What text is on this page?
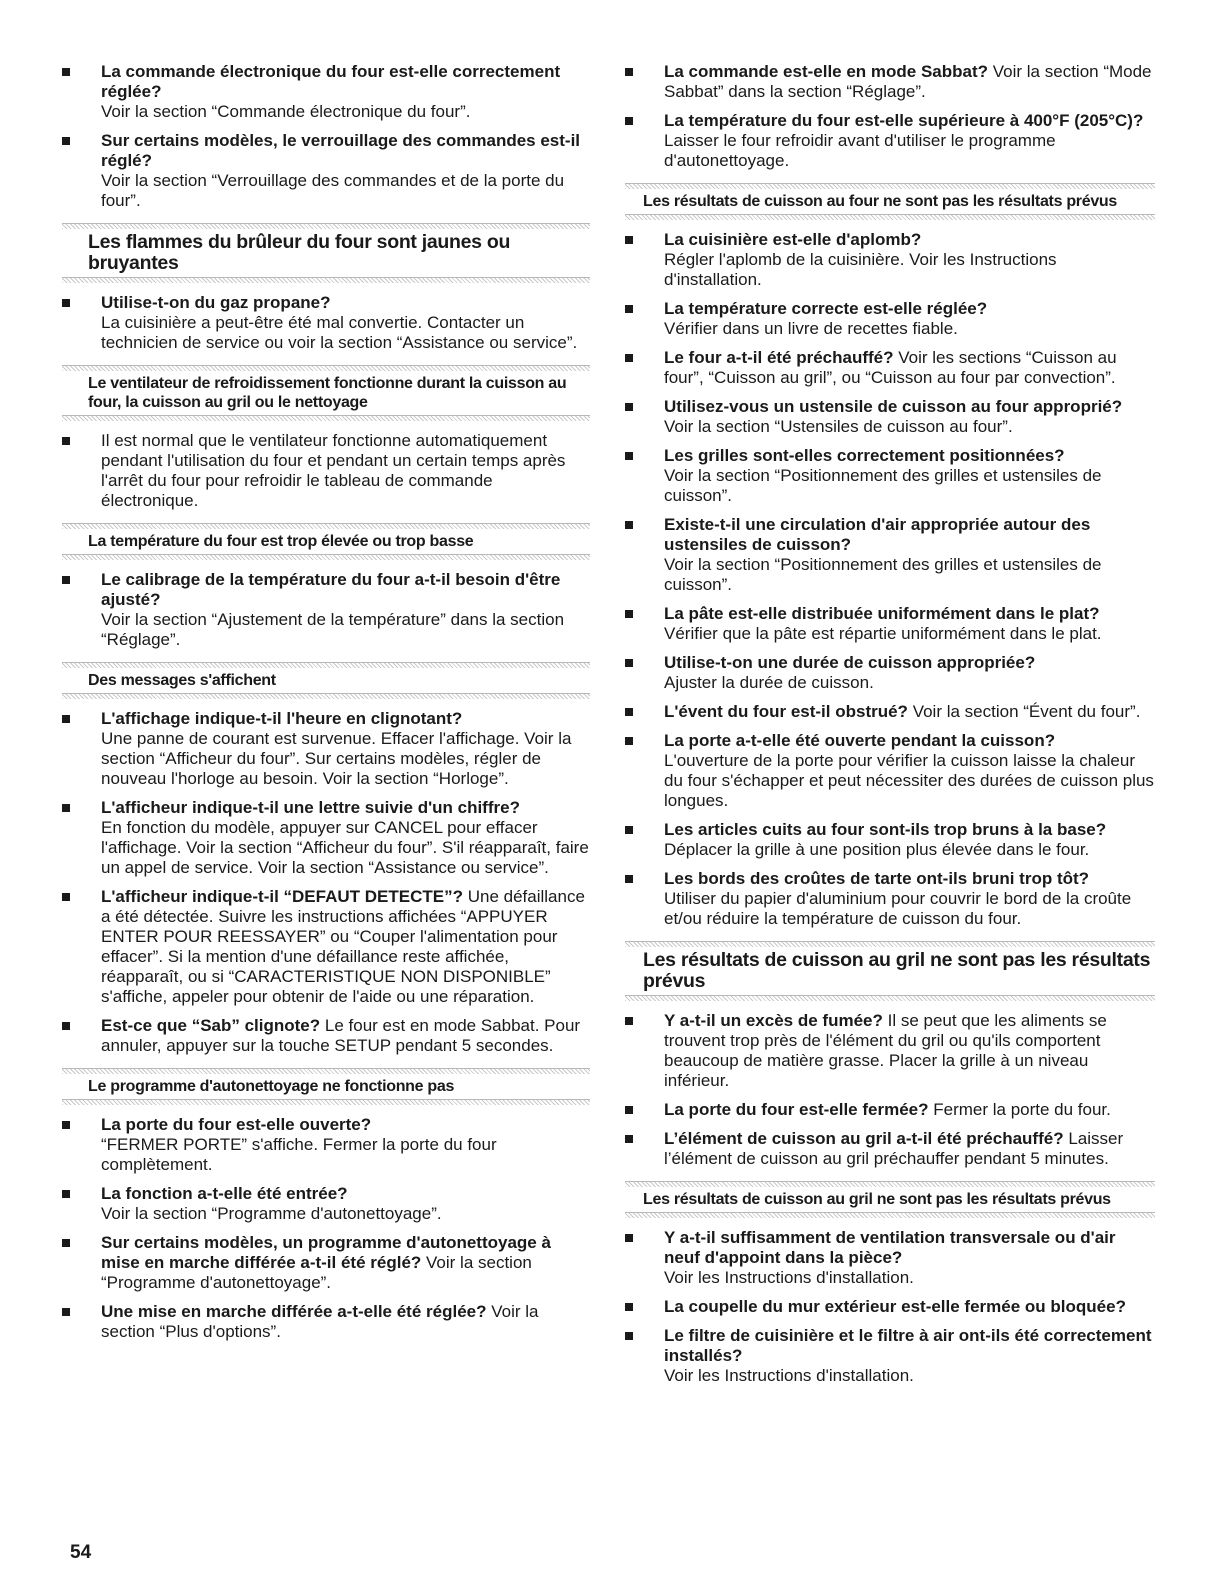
La commande électronique du four est-elle correctement réglée?
Voir la section “Commande électronique du four”.
Sur certains modèles, le verrouillage des commandes est-il réglé?
Voir la section “Verrouillage des commandes et de la porte du four”.
Les flammes du brûleur du four sont jaunes ou bruyantes
Utilise-t-on du gaz propane?
La cuisinière a peut-être été mal convertie. Contacter un technicien de service ou voir la section “Assistance ou service”.
Le ventilateur de refroidissement fonctionne durant la cuisson au four, la cuisson au gril ou le nettoyage
Il est normal que le ventilateur fonctionne automatiquement pendant l'utilisation du four et pendant un certain temps après l'arrêt du four pour refroidir le tableau de commande électronique.
La température du four est trop élevée ou trop basse
Le calibrage de la température du four a-t-il besoin d'être ajusté?
Voir la section “Ajustement de la température” dans la section “Réglage”.
Des messages s'affichent
L'affichage indique-t-il l'heure en clignotant?
Une panne de courant est survenue. Effacer l'affichage. Voir la section “Afficheur du four”. Sur certains modèles, régler de nouveau l'horloge au besoin. Voir la section “Horloge”.
L'afficheur indique-t-il une lettre suivie d'un chiffre?
En fonction du modèle, appuyer sur CANCEL pour effacer l'affichage. Voir la section “Afficheur du four”. S'il réapparaît, faire un appel de service. Voir la section “Assistance ou service”.
L'afficheur indique-t-il “DEFAUT DETECTE”? Une défaillance a été détectée. Suivre les instructions affichées “APPUYER ENTER POUR REESSAYER” ou “Couper l'alimentation pour effacer”. Si la mention d'une défaillance reste affichée, réapparaît, ou si “CARACTERISTIQUE NON DISPONIBLE” s'affiche, appeler pour obtenir de l'aide ou une réparation.
Est-ce que “Sab” clignote? Le four est en mode Sabbat. Pour annuler, appuyer sur la touche SETUP pendant 5 secondes.
Le programme d'autonettoyage ne fonctionne pas
La porte du four est-elle ouverte?
“FERMER PORTE” s'affiche. Fermer la porte du four complètement.
La fonction a-t-elle été entrée?
Voir la section “Programme d'autonettoyage”.
Sur certains modèles, un programme d'autonettoyage à mise en marche différée a-t-il été réglé? Voir la section “Programme d'autonettoyage”.
Une mise en marche différée a-t-elle été réglée? Voir la section “Plus d'options”.
La commande est-elle en mode Sabbat? Voir la section “Mode Sabbat” dans la section “Réglage”.
La température du four est-elle supérieure à 400°F (205°C)?
Laisser le four refroidir avant d'utiliser le programme d'autonettoyage.
Les résultats de cuisson au four ne sont pas les résultats prévus
La cuisinière est-elle d'aplomb?
Régler l'aplomb de la cuisinière. Voir les Instructions d'installation.
La température correcte est-elle réglée?
Vérifier dans un livre de recettes fiable.
Le four a-t-il été préchauffé? Voir les sections “Cuisson au four”, “Cuisson au gril”, ou “Cuisson au four par convection”.
Utilisez-vous un ustensile de cuisson au four approprié?
Voir la section “Ustensiles de cuisson au four”.
Les grilles sont-elles correctement positionnées?
Voir la section “Positionnement des grilles et ustensiles de cuisson”.
Existe-t-il une circulation d'air appropriée autour des ustensiles de cuisson?
Voir la section “Positionnement des grilles et ustensiles de cuisson”.
La pâte est-elle distribuée uniformément dans le plat?
Vérifier que la pâte est répartie uniformément dans le plat.
Utilise-t-on une durée de cuisson appropriée?
Ajuster la durée de cuisson.
L'évent du four est-il obstrué? Voir la section “Évent du four”.
La porte a-t-elle été ouverte pendant la cuisson?
L'ouverture de la porte pour vérifier la cuisson laisse la chaleur du four s'échapper et peut nécessiter des durées de cuisson plus longues.
Les articles cuits au four sont-ils trop bruns à la base?
Déplacer la grille à une position plus élevée dans le four.
Les bords des croûtes de tarte ont-ils bruni trop tôt?
Utiliser du papier d'aluminium pour couvrir le bord de la croûte et/ou réduire la température de cuisson du four.
Les résultats de cuisson au gril ne sont pas les résultats prévus
Y a-t-il un excès de fumée? Il se peut que les aliments se trouvent trop près de l'élément du gril ou qu'ils comportent beaucoup de matière grasse. Placer la grille à un niveau inférieur.
La porte du four est-elle fermée? Fermer la porte du four.
L’élément de cuisson au gril a-t-il été préchauffé? Laisser l’élément de cuisson au gril préchauffer pendant 5 minutes.
Les résultats de cuisson au gril ne sont pas les résultats prévus
Y a-t-il suffisamment de ventilation transversale ou d'air neuf d'appoint dans la pièce?
Voir les Instructions d'installation.
La coupelle du mur extérieur est-elle fermée ou bloquée?
Le filtre de cuisinière et le filtre à air ont-ils été correctement installés?
Voir les Instructions d'installation.
54
